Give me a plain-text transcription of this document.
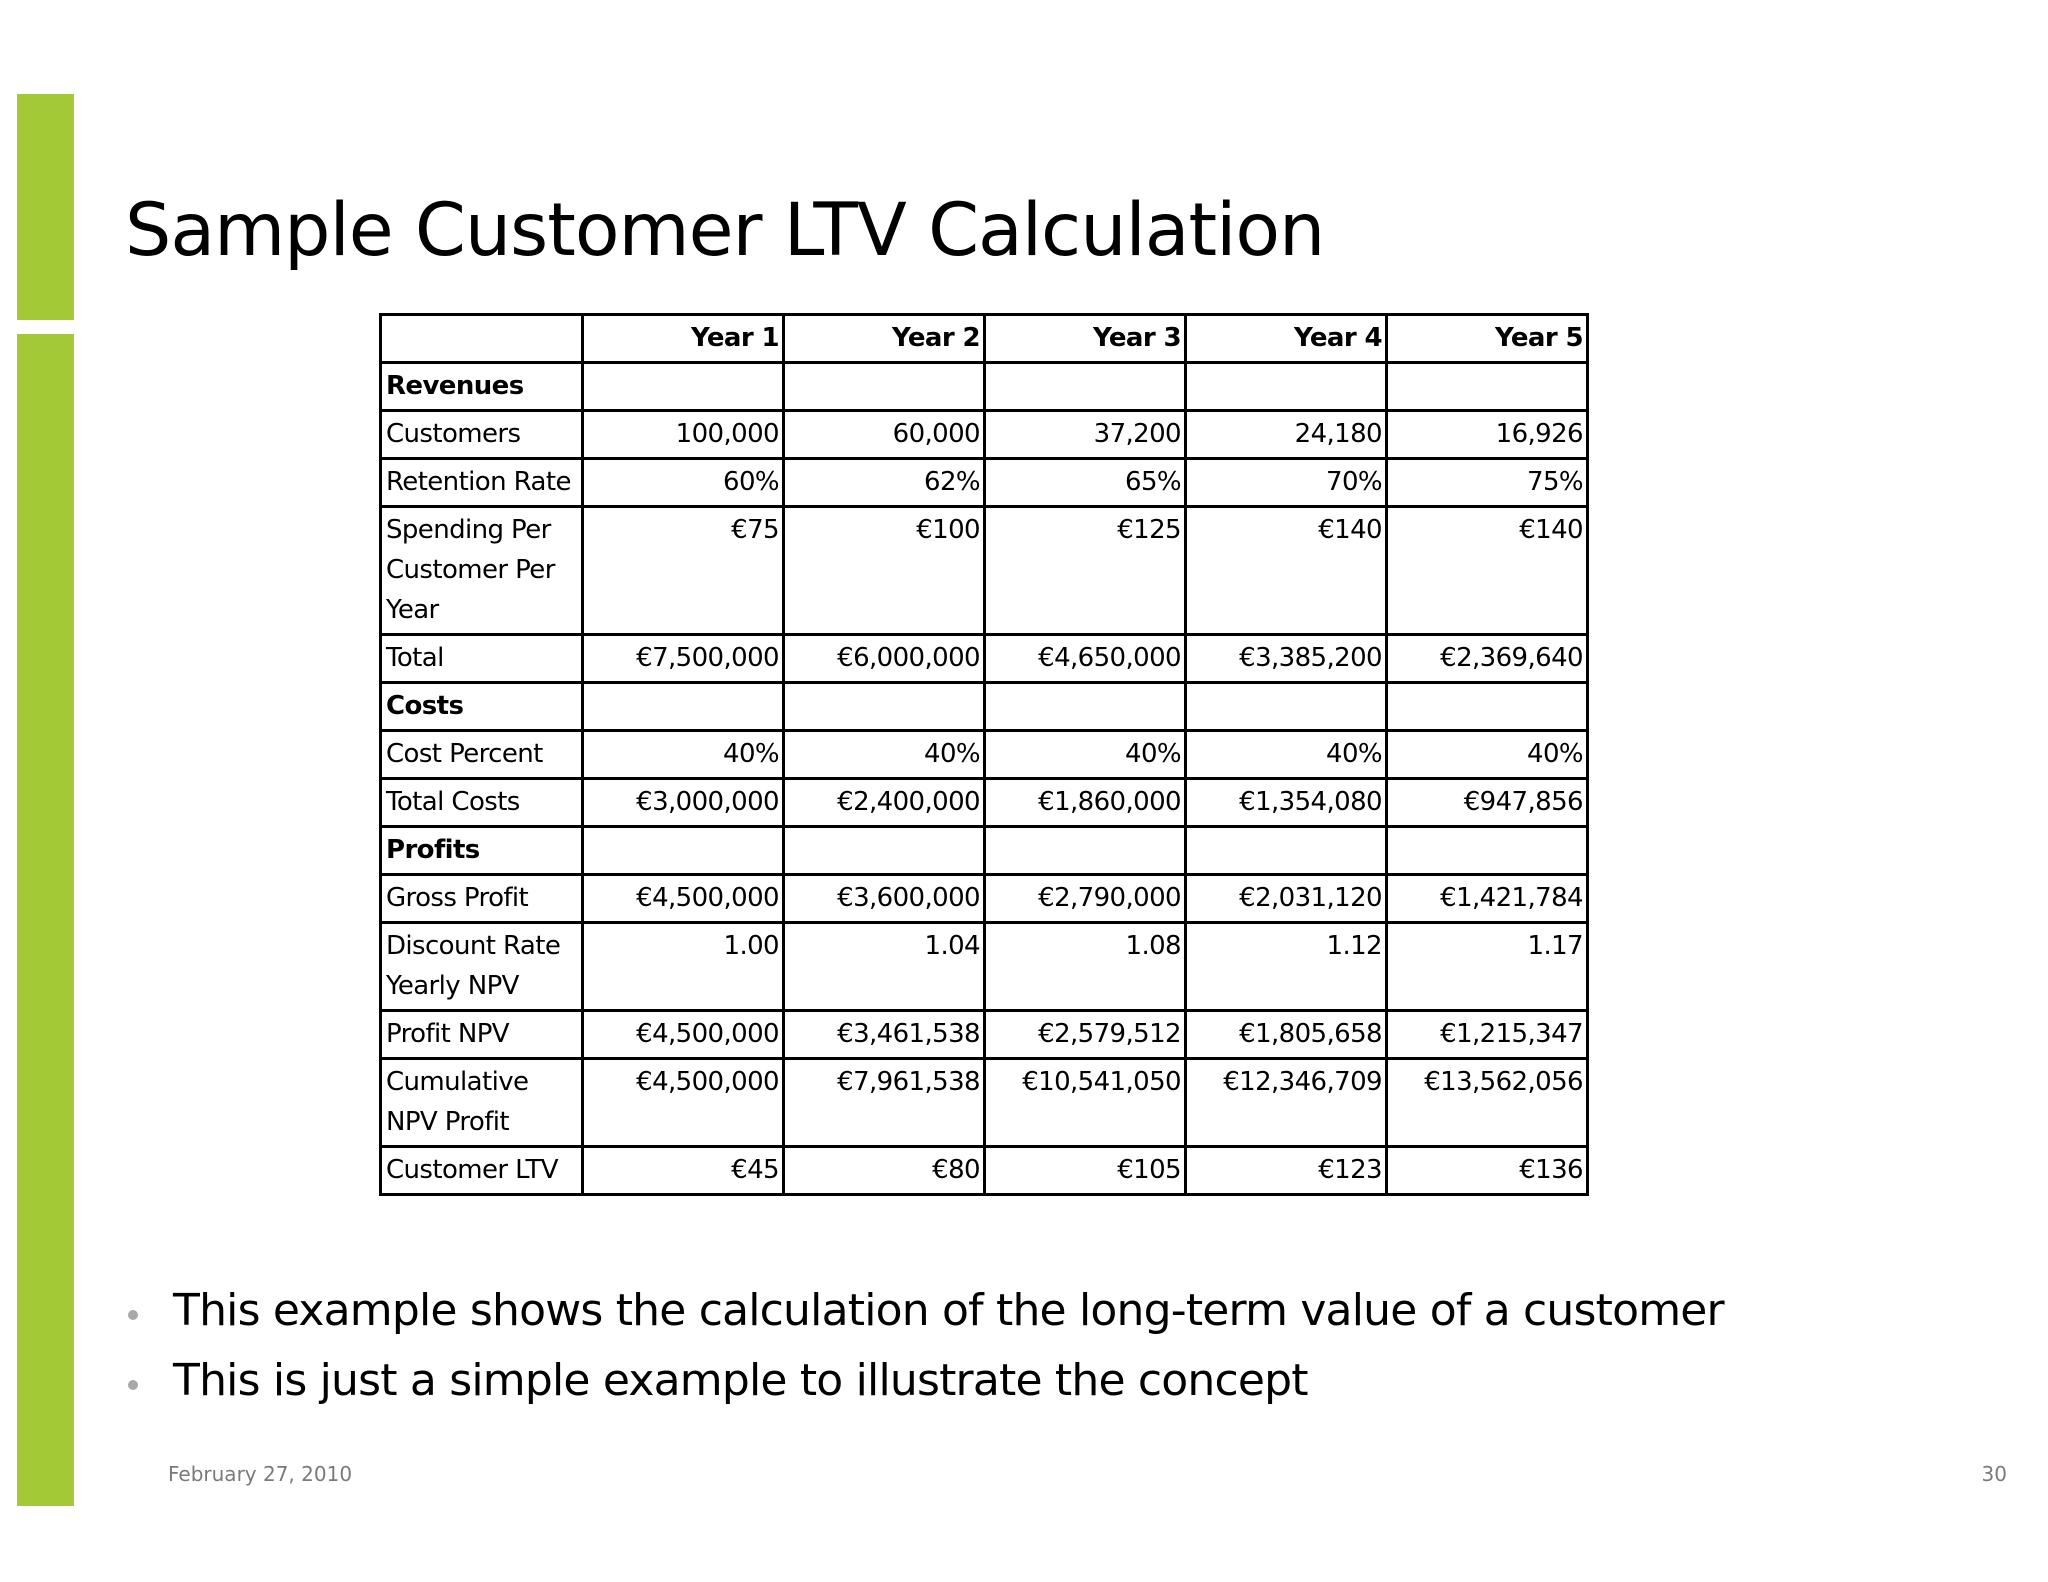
Sample Customer LTV Calculation
	Year 1	Year 2	Year 3	Year 4	Year 5
Revenues					
Customers	100,000	60,000	37,200	24,180	16,926
Retention Rate	60%	62%	65%	70%	75%
Spending Per Customer Per Year	€75	€100	€125	€140	€140
Total	€7,500,000	€6,000,000	€4,650,000	€3,385,200	€2,369,640
Costs					
Cost Percent	40%	40%	40%	40%	40%
Total Costs	€3,000,000	€2,400,000	€1,860,000	€1,354,080	€947,856
Profits					
Gross Profit	€4,500,000	€3,600,000	€2,790,000	€2,031,120	€1,421,784
Discount Rate Yearly NPV	1.00	1.04	1.08	1.12	1.17
Profit NPV	€4,500,000	€3,461,538	€2,579,512	€1,805,658	€1,215,347
Cumulative NPV Profit	€4,500,000	€7,961,538	€10,541,050	€12,346,709	€13,562,056
Customer LTV	€45	€80	€105	€123	€136
This example shows the calculation of the long-term value of a customer
This is just a simple example to illustrate the concept
February 27, 2010	30
